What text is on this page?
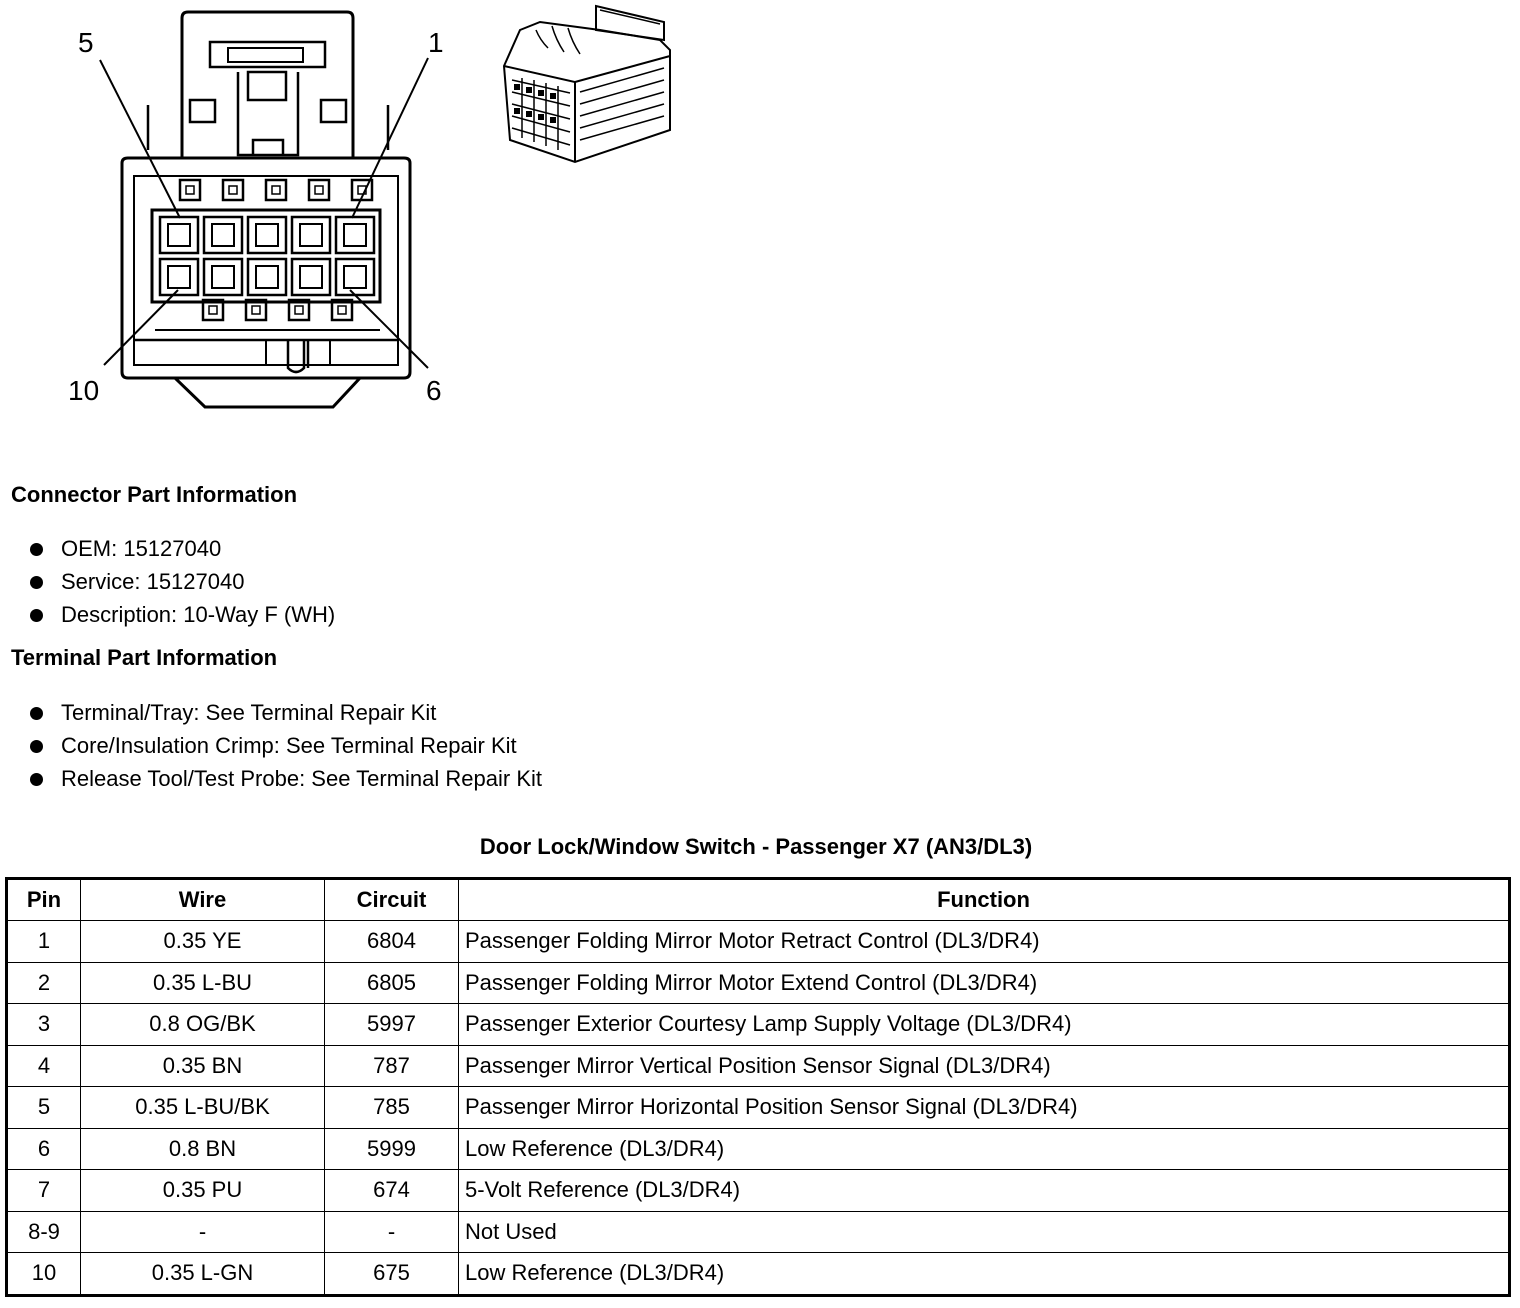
5	1
10	6
Connector Part Information
OEM: 15127040
Service: 15127040
Description: 10-Way F (WH)
Terminal Part Information
Terminal/Tray: See Terminal Repair Kit
Core/Insulation Crimp: See Terminal Repair Kit
Release Tool/Test Probe: See Terminal Repair Kit
Door Lock/Window Switch - Passenger X7 (AN3/DL3)
Pin	Wire	Circuit	Function
1	0.35 YE	6804	Passenger Folding Mirror Motor Retract Control (DL3/DR4)
2	0.35 L-BU	6805	Passenger Folding Mirror Motor Extend Control (DL3/DR4)
3	0.8 OG/BK	5997	Passenger Exterior Courtesy Lamp Supply Voltage (DL3/DR4)
4	0.35 BN	787	Passenger Mirror Vertical Position Sensor Signal (DL3/DR4)
5	0.35 L-BU/BK	785	Passenger Mirror Horizontal Position Sensor Signal (DL3/DR4)
6	0.8 BN	5999	Low Reference (DL3/DR4)
7	0.35 PU	674	5-Volt Reference (DL3/DR4)
8-9	-	-	Not Used
10	0.35 L-GN	675	Low Reference (DL3/DR4)
